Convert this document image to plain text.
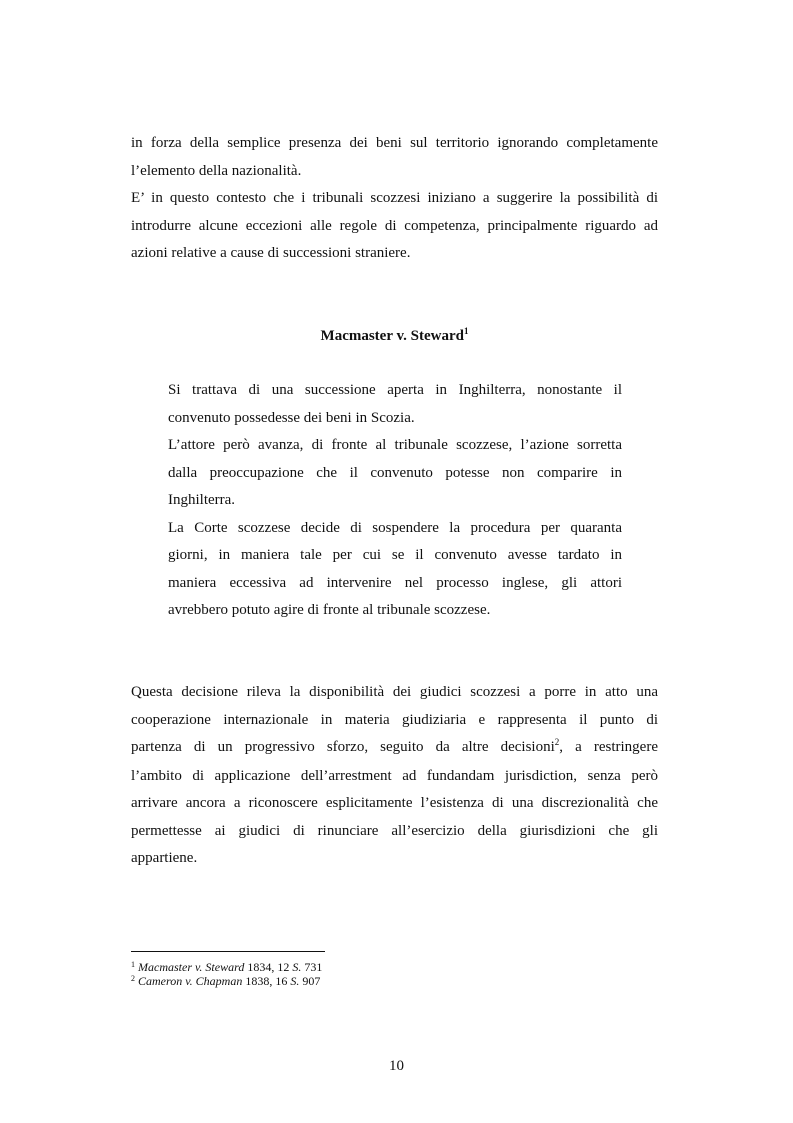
in forza della semplice presenza dei beni sul territorio ignorando completamente
l’elemento della nazionalità.
E’ in questo contesto che i tribunali scozzesi iniziano a suggerire la possibilità di
introdurre alcune eccezioni alle regole di competenza, principalmente riguardo ad
azioni relative a cause di successioni straniere.
Macmaster v. Steward$^1$
Si trattava di una successione aperta in Inghilterra, nonostante il
convenuto possedesse dei beni in Scozia.
L’attore però avanza, di fronte al tribunale scozzese, l’azione sorretta
dalla preoccupazione che il convenuto potesse non comparire in
Inghilterra.
La Corte scozzese decide di sospendere la procedura per quaranta
giorni, in maniera tale per cui se il convenuto avesse tardato in
maniera eccessiva ad intervenire nel processo inglese, gli attori
avrebbero potuto agire di fronte al tribunale scozzese.
Questa decisione rileva la disponibilità dei giudici scozzesi a porre in atto una
cooperazione internazionale in materia giudiziaria e rappresenta il punto di
partenza di un progressivo sforzo, seguito da altre decisioni$^2$, a restringere
l’ambito di applicazione dell’arrestment ad fundandam jurisdiction, senza però
arrivare ancora a riconoscere esplicitamente l’esistenza di una discrezionalità che
permettesse ai giudici di rinunciare all’esercizio della giurisdizioni che gli
appartiene.
$^1$ Macmaster v. Steward 1834, 12 S. 731
$^2$ Cameron v. Chapman 1838, 16 S. 907
10
